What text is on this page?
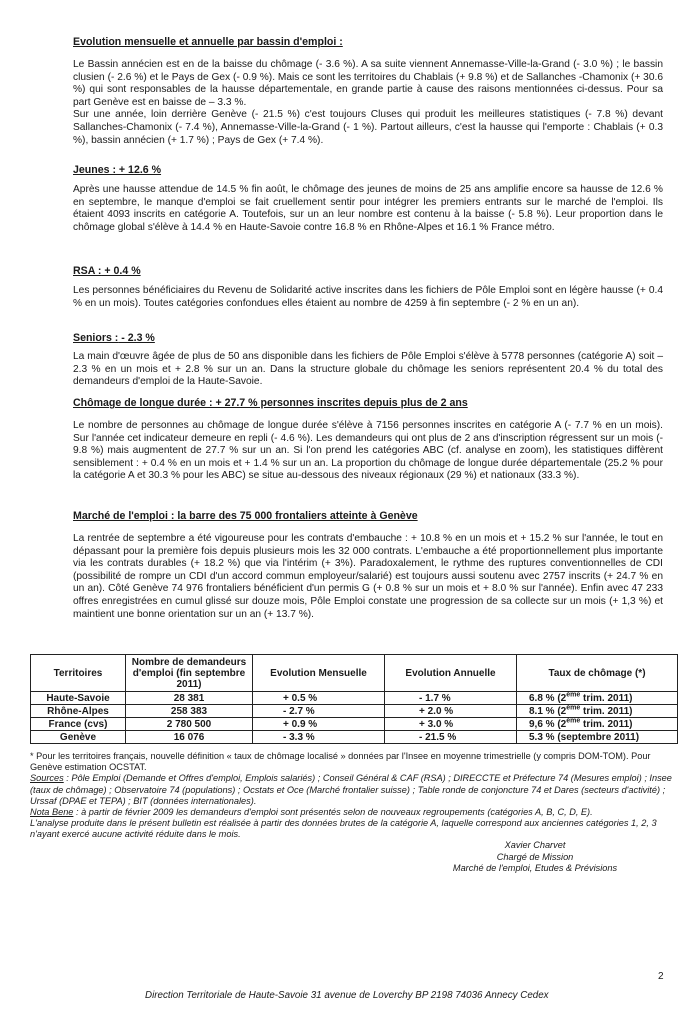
Evolution mensuelle et annuelle par bassin d'emploi :

Le Bassin annécien est en de la baisse du chômage (- 3.6 %). A sa suite viennent Annemasse-Ville-la-Grand (- 3.0 %) ; le bassin clusien (- 2.6 %) et le Pays de Gex (- 0.9 %). Mais ce sont les territoires du Chablais (+ 9.8 %) et de Sallanches -Chamonix (+ 30.6 %) qui sont responsables de la hausse départementale, en grande partie à cause des raisons mentionnées ci-dessus. Pour sa part Genève est en baisse de – 3.3 %.

Sur une année, loin derrière Genève (- 21.5 %) c'est toujours Cluses qui produit les meilleures statistiques (- 7.8 %) devant Sallanches-Chamonix (- 7.4 %), Annemasse-Ville-la-Grand (- 1 %). Partout ailleurs, c'est la hausse qui l'emporte : Chablais (+ 0.3 %), bassin annécien (+ 1.7 %) ; Pays de Gex (+ 7.4 %).

Jeunes : + 12.6 %
Après une hausse attendue de 14.5 % fin août, le chômage des jeunes de moins de 25 ans amplifie encore sa hausse de 12.6 % en septembre, le manque d'emploi se fait cruellement sentir pour intégrer les premiers entrants sur le marché de l'emploi. Ils étaient 4093 inscrits en catégorie A. Toutefois, sur un an leur nombre est contenu à la baisse (- 5.8 %). Leur proportion dans le chômage global s'élève à 14.4 % en Haute-Savoie contre 16.8 % en Rhône-Alpes et 16.1 % France métro.
RSA : + 0.4 %
Les personnes bénéficiaires du Revenu de Solidarité active inscrites dans les fichiers de Pôle Emploi sont en légère hausse (+ 0.4 % en un mois). Toutes catégories confondues elles étaient au nombre de 4259 à fin septembre (- 2 % en un an).
Seniors : - 2.3 %
La main d'œuvre âgée de plus de 50 ans disponible dans les fichiers de Pôle Emploi s'élève à 5778 personnes (catégorie A) soit – 2.3 % en un mois et + 2.8 % sur un an. Dans la structure globale du chômage les seniors représentent 20.4 % du total des demandeurs d'emploi de la Haute-Savoie.
Chômage de longue durée : + 27.7 % personnes inscrites depuis plus de 2 ans
Le nombre de personnes au chômage de longue durée s'élève à 7156 personnes inscrites en catégorie A (- 7.7 % en un mois). Sur l'année cet indicateur demeure en repli (- 4.6 %). Les demandeurs qui ont plus de 2 ans d'inscription régressent sur un mois (- 9.8 %) mais augmentent de 27.7 % sur un an. Si l'on prend les catégories ABC (cf. analyse en zoom), les statistiques diffèrent sensiblement : + 0.4 % en un mois et + 1.4 % sur un an. La proportion du chômage de longue durée départementale (25.2 % pour la catégorie A et 30.3 % pour les ABC) se situe au-dessous des niveaux régionaux (29 %) et nationaux (33.3 %).
Marché de l'emploi : la barre des 75 000 frontaliers atteinte à Genève
La rentrée de septembre a été vigoureuse pour les contrats d'embauche : + 10.8 % en un mois et + 15.2 % sur l'année, le tout en dépassant pour la première fois depuis plusieurs mois les 32 000 contrats. L'embauche a été proportionnellement plus importante via les contrats durables (+ 18.2 %) que via l'intérim (+ 3%). Paradoxalement, le rythme des ruptures conventionnelles de CDI (possibilité de rompre un CDI d'un accord commun employeur/salarié) est toujours aussi soutenu avec 2757 inscrits (+ 24.7 % en un an). Côté Genève 74 976 frontaliers bénéficient d'un permis G (+ 0.8 % sur un mois et + 8.0 % sur l'année). Enfin avec 47 233 offres enregistrées en cumul glissé sur douze mois, Pôle Emploi constate une progression de sa collecte sur un mois (+ 1,3 %) et maintient une bonne orientation sur un an (+ 13.7 %).
Territoires	Nombre de demandeurs d'emploi (fin septembre 2011)	Evolution Mensuelle	Evolution Annuelle	Taux de chômage (*)
Haute-Savoie	28 381	+ 0.5 %	- 1.7 %	6.8 % (2ème trim. 2011)
Rhône-Alpes	258 383	- 2.7 %	+ 2.0 %	8.1 % (2ème trim. 2011)
France (cvs)	2 780 500	+ 0.9 %	+ 3.0 %	9,6 % (2ème trim. 2011)
Genève	16 076	- 3.3 %	- 21.5 %	5.3 % (septembre 2011)

* Pour les territoires français, nouvelle définition « taux de chômage localisé » données par l'Insee en moyenne trimestrielle (y compris DOM-TOM). Pour Genève estimation OCSTAT.

Sources : Pôle Emploi (Demande et Offres d'emploi, Emplois salariés) ; Conseil Général & CAF (RSA) ; DIRECCTE et Préfecture 74 (Mesures emploi) ; Insee (taux de chômage) ; Observatoire 74 (populations) ; Ocstats et Oce (Marché frontalier suisse) ; Table ronde de conjoncture 74 et Dares (secteurs d'activité) ; Urssaf (DPAE et TEPA) ; BIT (données internationales).

Nota Bene : à partir de février 2009 les demandeurs d'emploi sont présentés selon de nouveaux regroupements (catégories A, B, C, D, E).

L'analyse produite dans le présent bulletin est réalisée à partir des données brutes de la catégorie A, laquelle correspond aux anciennes catégories 1, 2, 3 n'ayant exercé aucune activité réduite dans le mois.

Xavier Charvet
Chargé de Mission
Marché de l'emploi, Etudes & Prévisions
2
Direction Territoriale de Haute-Savoie 31 avenue de Loverchy BP 2198 74036 Annecy Cedex
